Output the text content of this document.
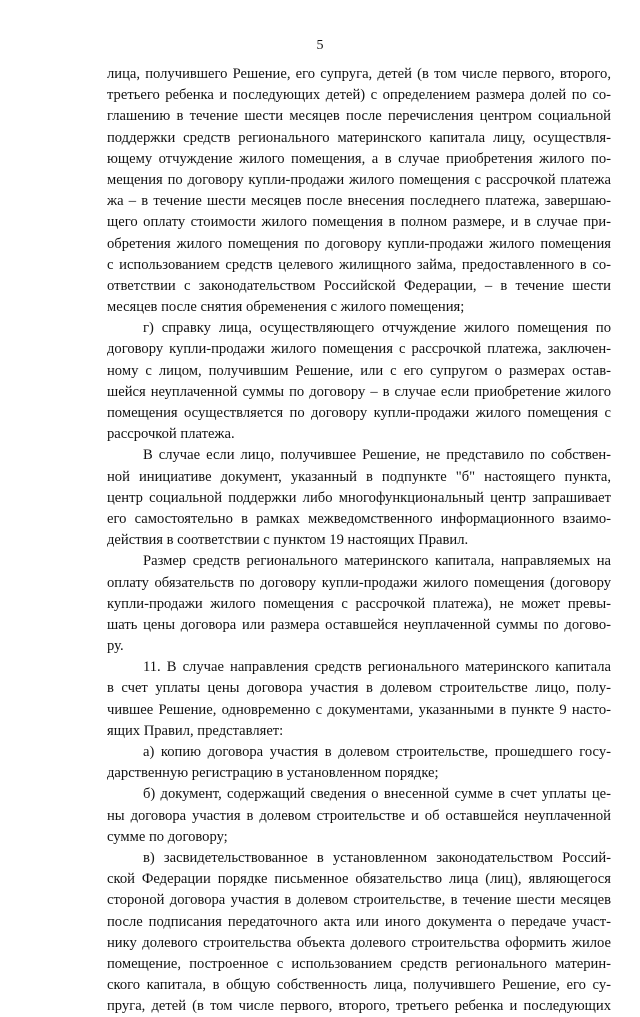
5
лица, получившего Решение, его супруга, детей (в том числе первого, второго,
третьего ребенка и последующих детей) с определением размера долей по со-
глашению в течение шести месяцев после перечисления центром социальной
поддержки средств регионального материнского капитала лицу, осуществля-
ющему отчуждение жилого помещения, а в случае приобретения жилого по-
мещения по договору купли-продажи жилого помещения с рассрочкой платежа
жа – в течение шести месяцев после внесения последнего платежа, завершаю-
щего оплату стоимости жилого помещения в полном размере, и в случае при-
обретения жилого помещения по договору купли-продажи жилого помещения
с использованием средств целевого жилищного займа, предоставленного в со-
ответствии с законодательством Российской Федерации, – в течение шести
месяцев после снятия обременения с жилого помещения;
г) справку лица, осуществляющего отчуждение жилого помещения по
договору купли-продажи жилого помещения с рассрочкой платежа, заключен-
ному с лицом, получившим Решение, или с его супругом о размерах остав-
шейся неуплаченной суммы по договору – в случае если приобретение жилого
помещения осуществляется по договору купли-продажи жилого помещения с
рассрочкой платежа.
В случае если лицо, получившее Решение, не представило по собствен-
ной инициативе документ, указанный в подпункте "б" настоящего пункта,
центр социальной поддержки либо многофункциональный центр запрашивает
его самостоятельно в рамках межведомственного информационного взаимо-
действия в соответствии с пунктом 19 настоящих Правил.
Размер средств регионального материнского капитала, направляемых на
оплату обязательств по договору купли-продажи жилого помещения (договору
купли-продажи жилого помещения с рассрочкой платежа), не может превы-
шать цены договора или размера оставшейся неуплаченной суммы по догово-
ру.
11. В случае направления средств регионального материнского капитала
в счет уплаты цены договора участия в долевом строительстве лицо, полу-
чившее Решение, одновременно с документами, указанными в пункте 9 насто-
ящих Правил, представляет:
а) копию договора участия в долевом строительстве, прошедшего госу-
дарственную регистрацию в установленном порядке;
б) документ, содержащий сведения о внесенной сумме в счет уплаты це-
ны договора участия в долевом строительстве и об оставшейся неуплаченной
сумме по договору;
в) засвидетельствованное в установленном законодательством Россий-
ской Федерации порядке письменное обязательство лица (лиц), являющегося
стороной договора участия в долевом строительстве, в течение шести месяцев
после подписания передаточного акта или иного документа о передаче участ-
нику долевого строительства объекта долевого строительства оформить жилое
помещение, построенное с использованием средств регионального материн-
ского капитала, в общую собственность лица, получившего Решение, его су-
пруга, детей (в том числе первого, второго, третьего ребенка и последующих
